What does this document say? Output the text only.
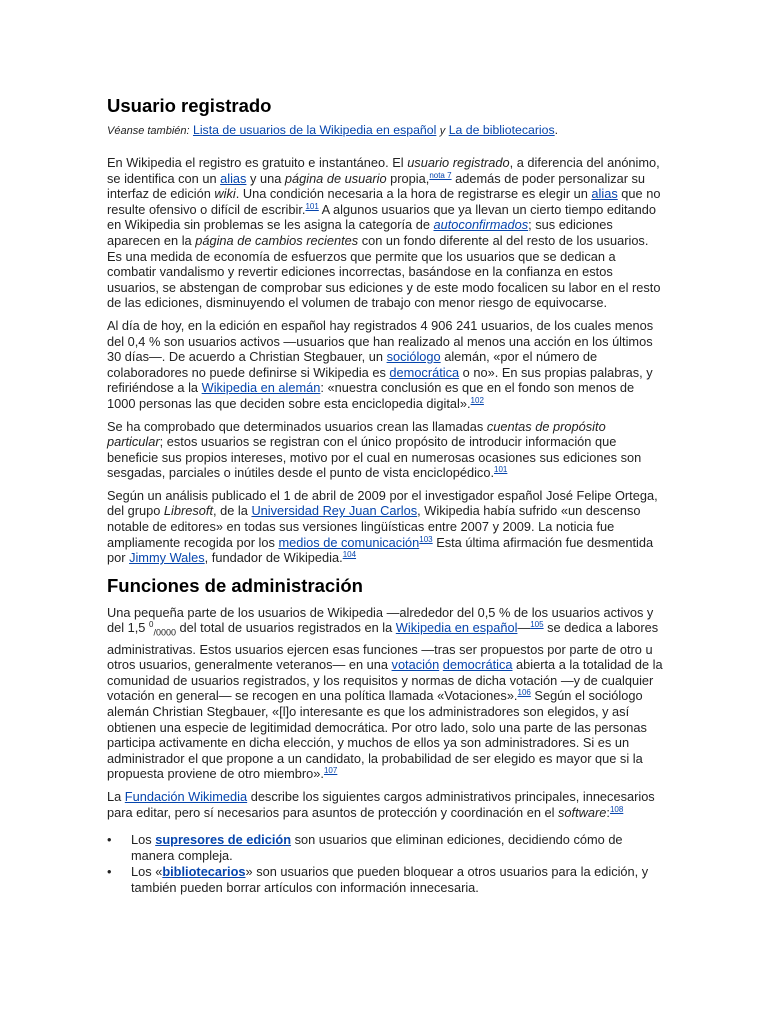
Usuario registrado
Véanse también: Lista de usuarios de la Wikipedia en español y La de bibliotecarios.

En Wikipedia el registro es gratuito e instantáneo. El usuario registrado, a diferencia del anónimo, se identifica con un alias y una página de usuario propia,$^{nota 7}$ además de poder personalizar su interfaz de edición wiki. Una condición necesaria a la hora de registrarse es elegir un alias que no resulte ofensivo o difícil de escribir.$^{101}$ A algunos usuarios que ya llevan un cierto tiempo editando en Wikipedia sin problemas se les asigna la categoría de autoconfirmados; sus ediciones aparecen en la página de cambios recientes con un fondo diferente al del resto de los usuarios. Es una medida de economía de esfuerzos que permite que los usuarios que se dedican a combatir vandalismo y revertir ediciones incorrectas, basándose en la confianza en estos usuarios, se abstengan de comprobar sus ediciones y de este modo focalicen su labor en el resto de las ediciones, disminuyendo el volumen de trabajo con menor riesgo de equivocarse.

Al día de hoy, en la edición en español hay registrados 4 906 241 usuarios, de los cuales menos del 0,4 % son usuarios activos —usuarios que han realizado al menos una acción en los últimos 30 días—. De acuerdo a Christian Stegbauer, un sociólogo alemán, «por el número de colaboradores no puede definirse si Wikipedia es democrática o no». En sus propias palabras, y refiriéndose a la Wikipedia en alemán: «nuestra conclusión es que en el fondo son menos de 1000 personas las que deciden sobre esta enciclopedia digital».$^{102}$

Se ha comprobado que determinados usuarios crean las llamadas cuentas de propósito particular; estos usuarios se registran con el único propósito de introducir información que beneficie sus propios intereses, motivo por el cual en numerosas ocasiones sus ediciones son sesgadas, parciales o inútiles desde el punto de vista enciclopédico.$^{101}$

Según un análisis publicado el 1 de abril de 2009 por el investigador español José Felipe Ortega, del grupo Libresoft, de la Universidad Rey Juan Carlos, Wikipedia había sufrido «un descenso notable de editores» en todas sus versiones lingüísticas entre 2007 y 2009. La noticia fue ampliamente recogida por los medios de comunicación$^{103}$ Esta última afirmación fue desmentida por Jimmy Wales, fundador de Wikipedia.$^{104}$

Funciones de administración

Una pequeña parte de los usuarios de Wikipedia —alrededor del 0,5 % de los usuarios activos y del 1,5 $^0_{/0000}$ del total de usuarios registrados en la Wikipedia en español—$^{105}$ se dedica a labores administrativas. Estos usuarios ejercen esas funciones —tras ser propuestos por parte de otro u otros usuarios, generalmente veteranos— en una votación democrática abierta a la totalidad de la comunidad de usuarios registrados, y los requisitos y normas de dicha votación —y de cualquier votación en general— se recogen en una política llamada «Votaciones».$^{106}$ Según el sociólogo alemán Christian Stegbauer, «[l]o interesante es que los administradores son elegidos, y así obtienen una especie de legitimidad democrática. Por otro lado, solo una parte de las personas participa activamente en dicha elección, y muchos de ellos ya son administradores. Si es un administrador el que propone a un candidato, la probabilidad de ser elegido es mayor que si la propuesta proviene de otro miembro».$^{107}$

La Fundación Wikimedia describe los siguientes cargos administrativos principales, innecesarios para editar, pero sí necesarios para asuntos de protección y coordinación en el software:$^{108}$

• Los supresores de edición son usuarios que eliminan ediciones, decidiendo cómo de manera compleja.
• Los «bibliotecarios» son usuarios que pueden bloquear a otros usuarios para la edición, y también pueden borrar artículos con información innecesaria.
